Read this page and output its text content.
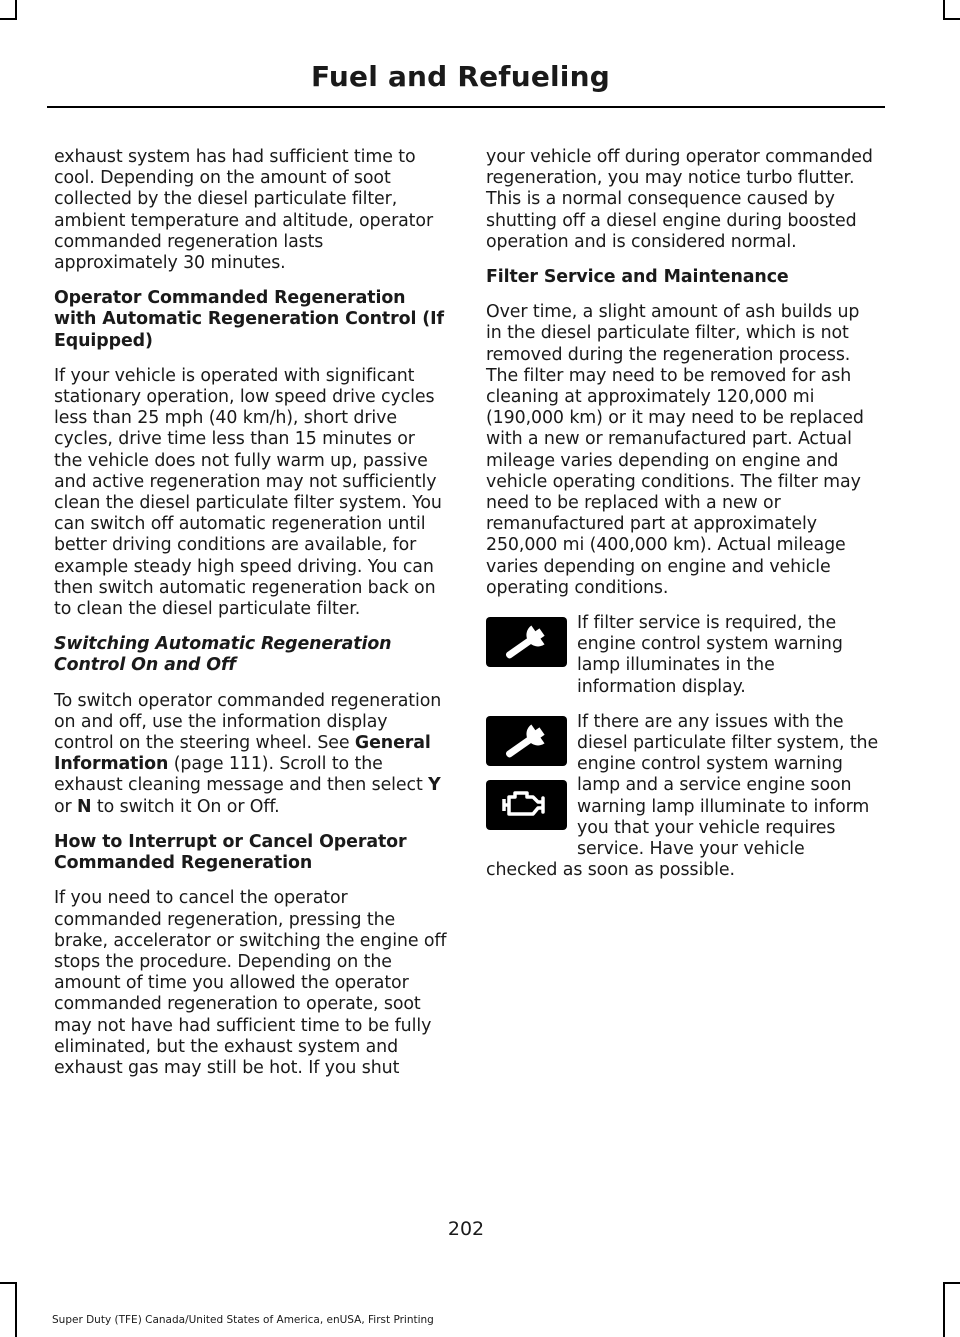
Fuel and Refueling

exhaust system has had sufficient time to cool. Depending on the amount of soot collected by the diesel particulate filter, ambient temperature and altitude, operator commanded regeneration lasts approximately 30 minutes.

Operator Commanded Regeneration with Automatic Regeneration Control (If Equipped)

If your vehicle is operated with significant stationary operation, low speed drive cycles less than 25 mph (40 km/h), short drive cycles, drive time less than 15 minutes or the vehicle does not fully warm up, passive and active regeneration may not sufficiently clean the diesel particulate filter system. You can switch off automatic regeneration until better driving conditions are available, for example steady high speed driving. You can then switch automatic regeneration back on to clean the diesel particulate filter.

Switching Automatic Regeneration Control On and Off

To switch operator commanded regeneration on and off, use the information display control on the steering wheel. See General Information (page 111). Scroll to the exhaust cleaning message and then select Y or N to switch it On or Off.

How to Interrupt or Cancel Operator Commanded Regeneration

If you need to cancel the operator commanded regeneration, pressing the brake, accelerator or switching the engine off stops the procedure. Depending on the amount of time you allowed the operator commanded regeneration to operate, soot may not have had sufficient time to be fully eliminated, but the exhaust system and exhaust gas may still be hot. If you shut

your vehicle off during operator commanded regeneration, you may notice turbo flutter. This is a normal consequence caused by shutting off a diesel engine during boosted operation and is considered normal.

Filter Service and Maintenance

Over time, a slight amount of ash builds up in the diesel particulate filter, which is not removed during the regeneration process. The filter may need to be removed for ash cleaning at approximately 120,000 mi (190,000 km) or it may need to be replaced with a new or remanufactured part. Actual mileage varies depending on engine and vehicle operating conditions. The filter may need to be replaced with a new or remanufactured part at approximately 250,000 mi (400,000 km). Actual mileage varies depending on engine and vehicle operating conditions.

If filter service is required, the engine control system warning lamp illuminates in the information display.

If there are any issues with the diesel particulate filter system, the engine control system warning lamp and a service engine soon warning lamp illuminate to inform you that your vehicle requires service. Have your vehicle checked as soon as possible.

202
Super Duty (TFE) Canada/United States of America, enUSA, First Printing
